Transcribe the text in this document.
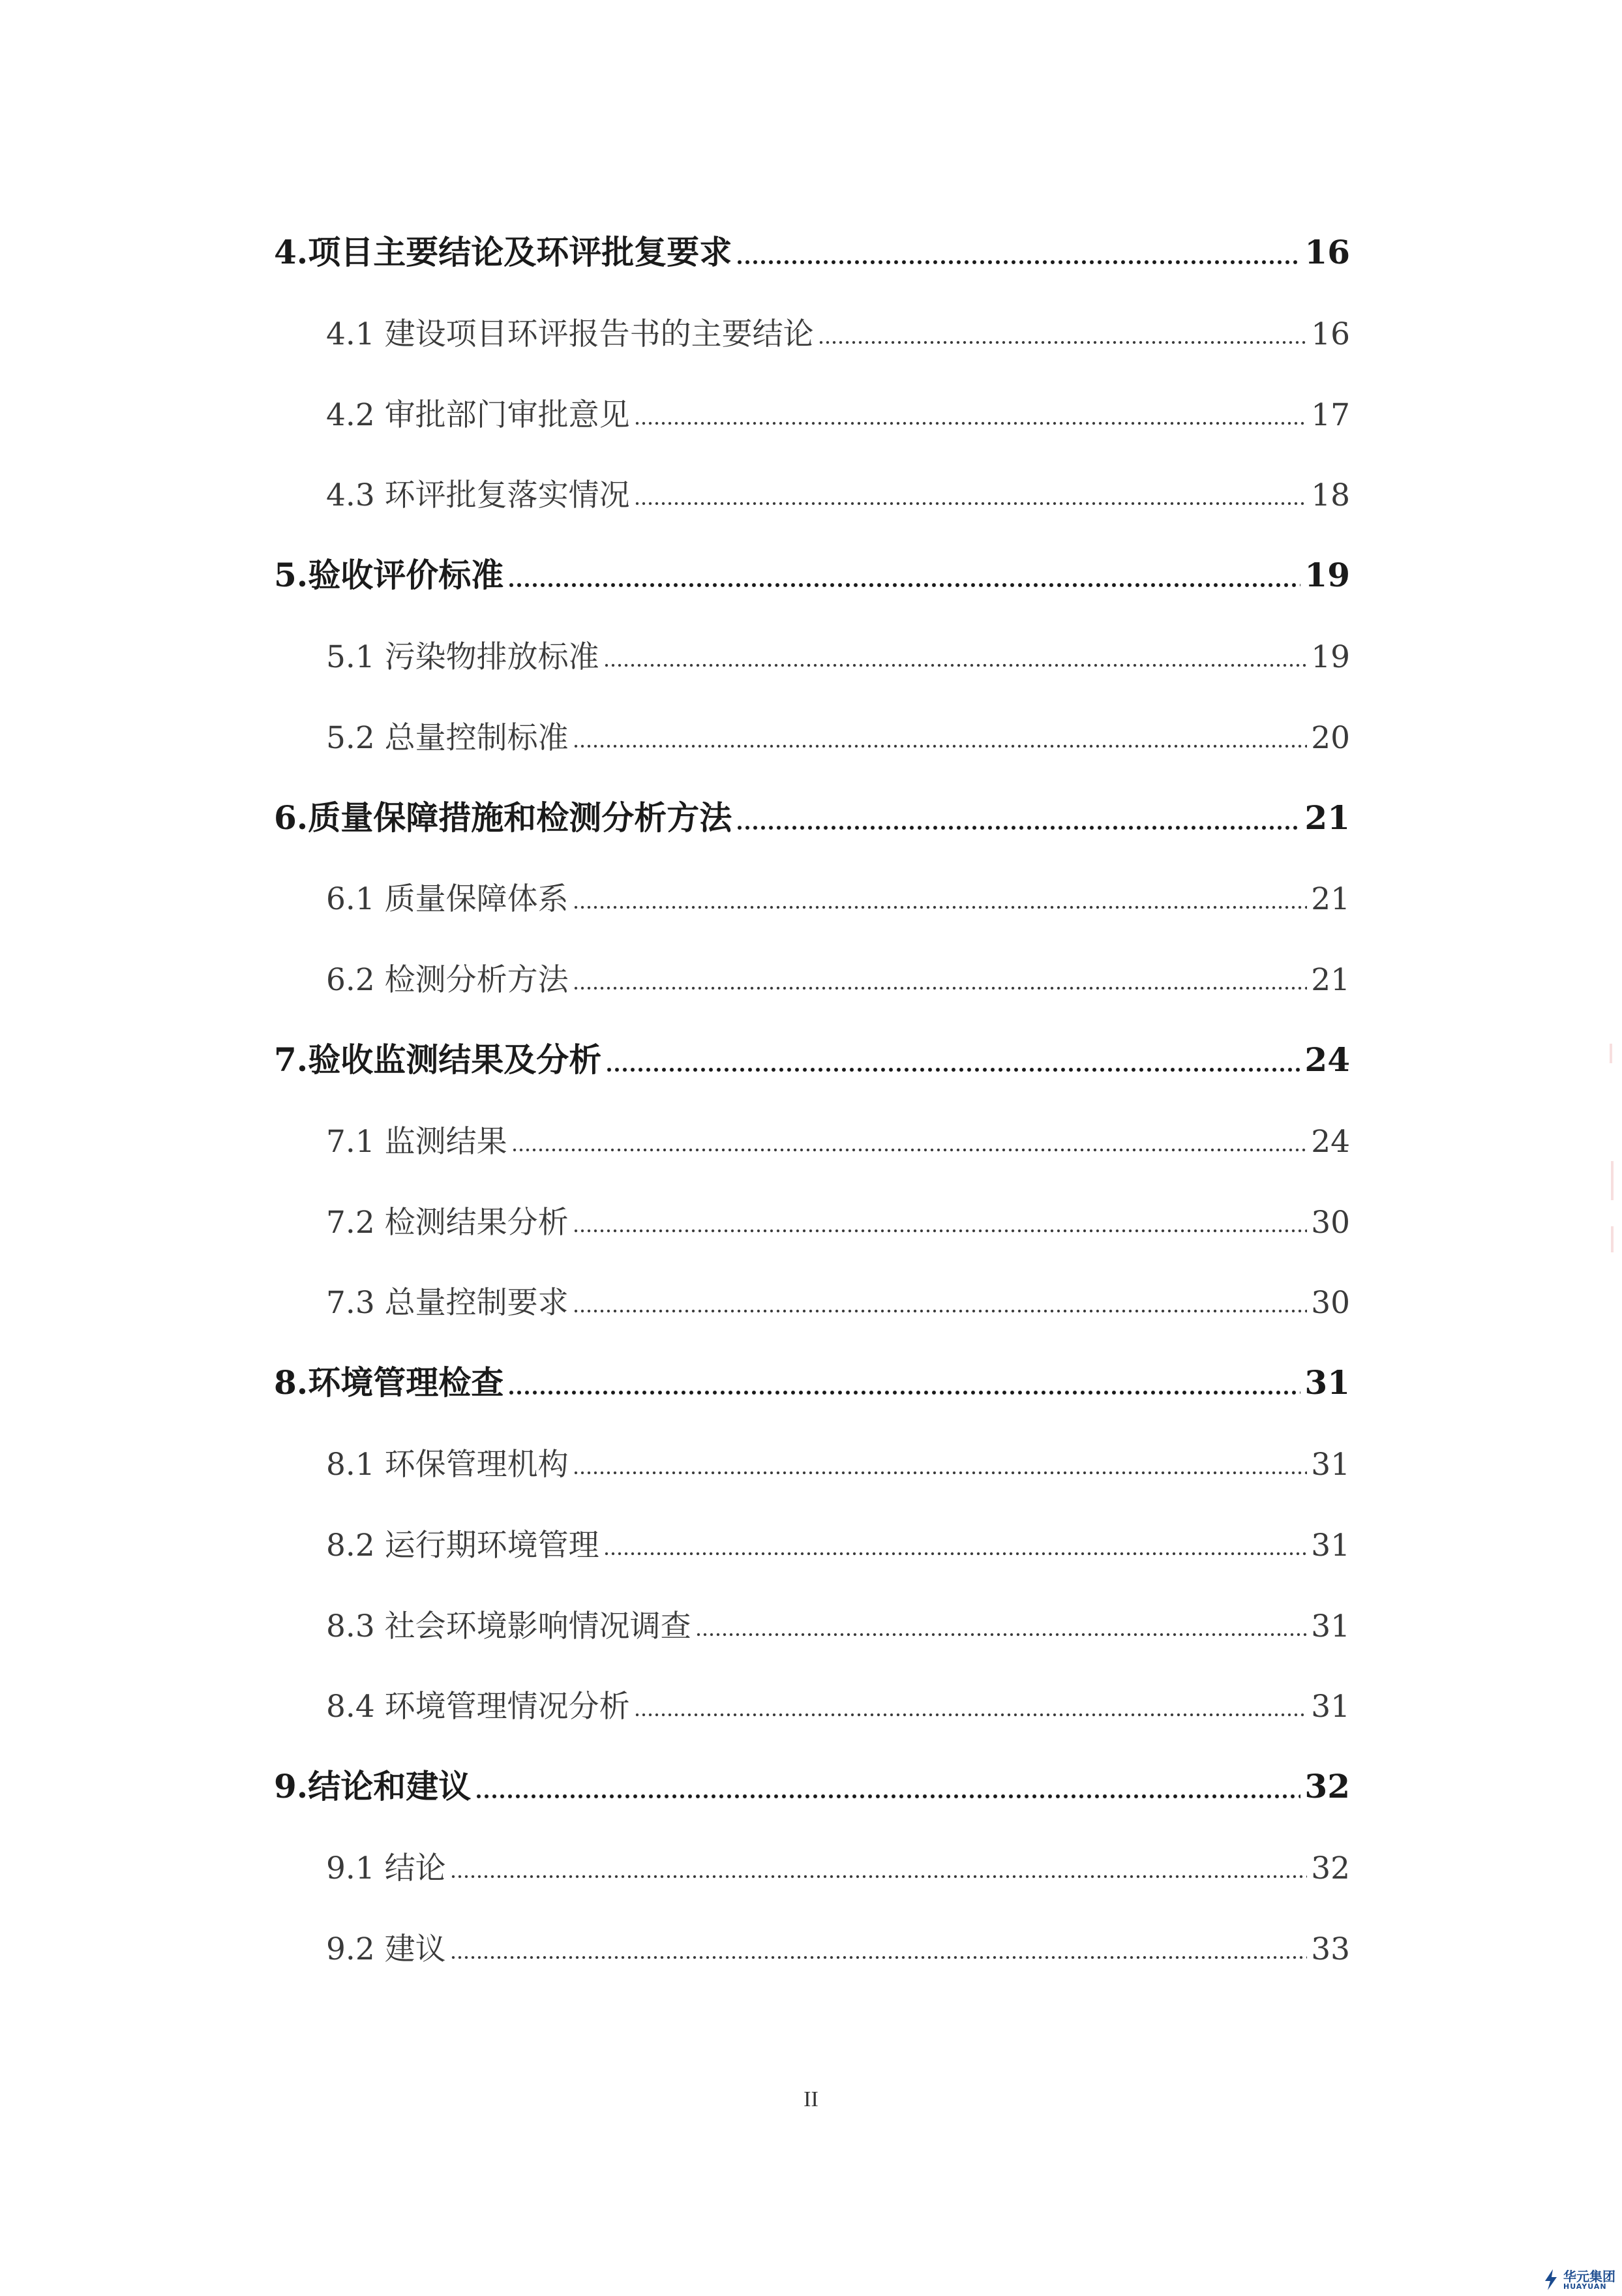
4.项目主要结论及环评批复要求	16
4.1 建设项目环评报告书的主要结论	16
4.2 审批部门审批意见	17
4.3 环评批复落实情况	18
5.验收评价标准	19
5.1 污染物排放标准	19
5.2 总量控制标准	20
6.质量保障措施和检测分析方法	21
6.1 质量保障体系	21
6.2 检测分析方法	21
7.验收监测结果及分析	24
7.1 监测结果	24
7.2 检测结果分析	30
7.3 总量控制要求	30
8.环境管理检查	31
8.1 环保管理机构	31
8.2 运行期环境管理	31
8.3 社会环境影响情况调查	31
8.4 环境管理情况分析	31
9.结论和建议	32
9.1 结论	32
9.2 建议	33
II
华元集团
HUAYUAN
